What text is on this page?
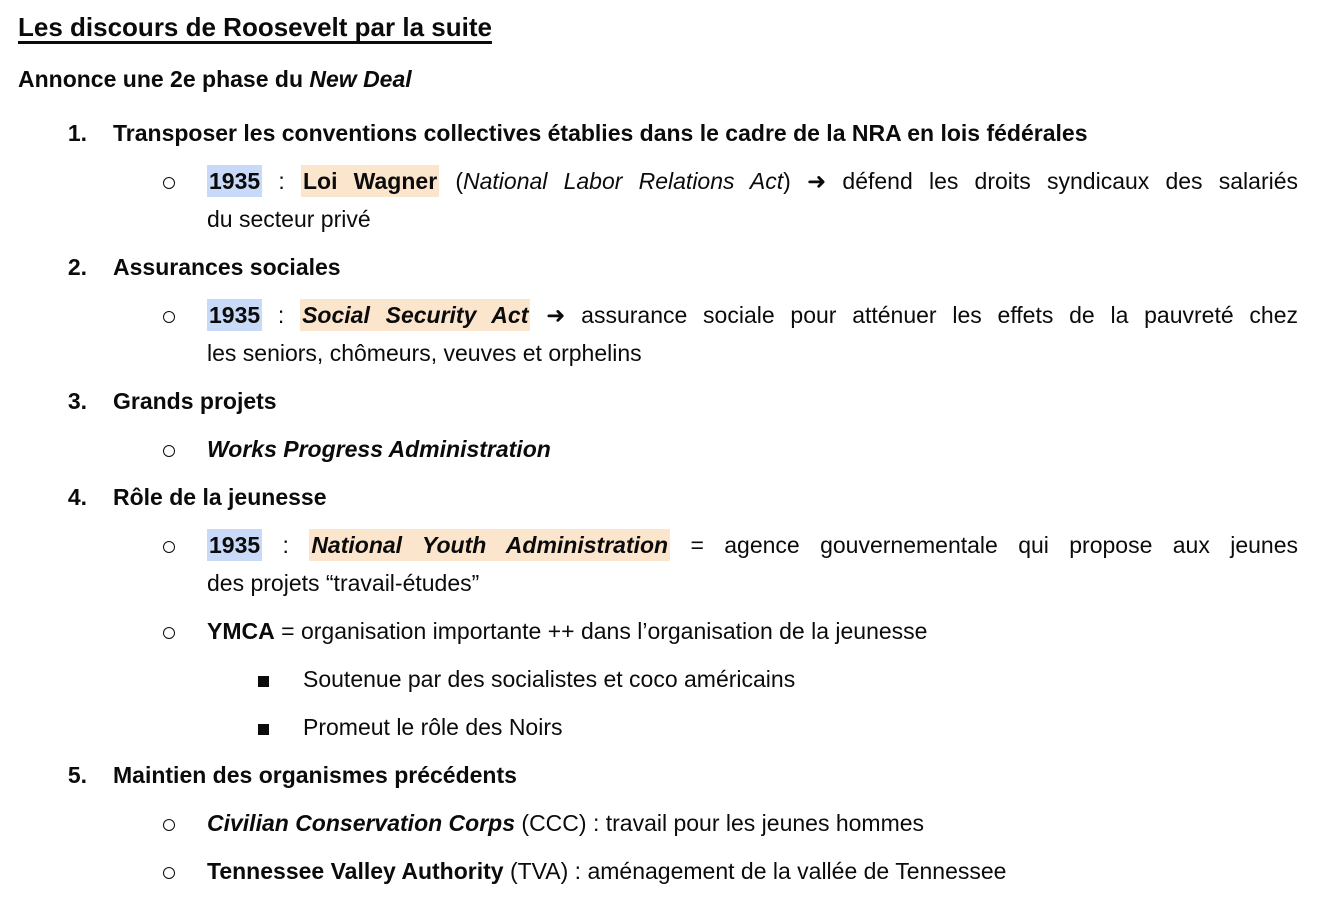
Les discours de Roosevelt par la suite

Annonce une 2e phase du New Deal

1.	Transposer les conventions collectives établies dans le cadre de la NRA en lois fédérales
1935 : Loi Wagner (National Labor Relations Act) ➜ défend les droits syndicaux des salariés
du secteur privé
2.	Assurances sociales
1935 : Social Security Act ➜ assurance sociale pour atténuer les effets de la pauvreté chez
les seniors, chômeurs, veuves et orphelins
3.	Grands projets
Works Progress Administration
4.	Rôle de la jeunesse
1935 : National Youth Administration = agence gouvernementale qui propose aux jeunes
des projets “travail-études”
YMCA = organisation importante ++ dans l’organisation de la jeunesse
Soutenue par des socialistes et coco américains
Promeut le rôle des Noirs
5.	Maintien des organismes précédents
Civilian Conservation Corps (CCC) : travail pour les jeunes hommes
Tennessee Valley Authority (TVA) : aménagement de la vallée de Tennessee
